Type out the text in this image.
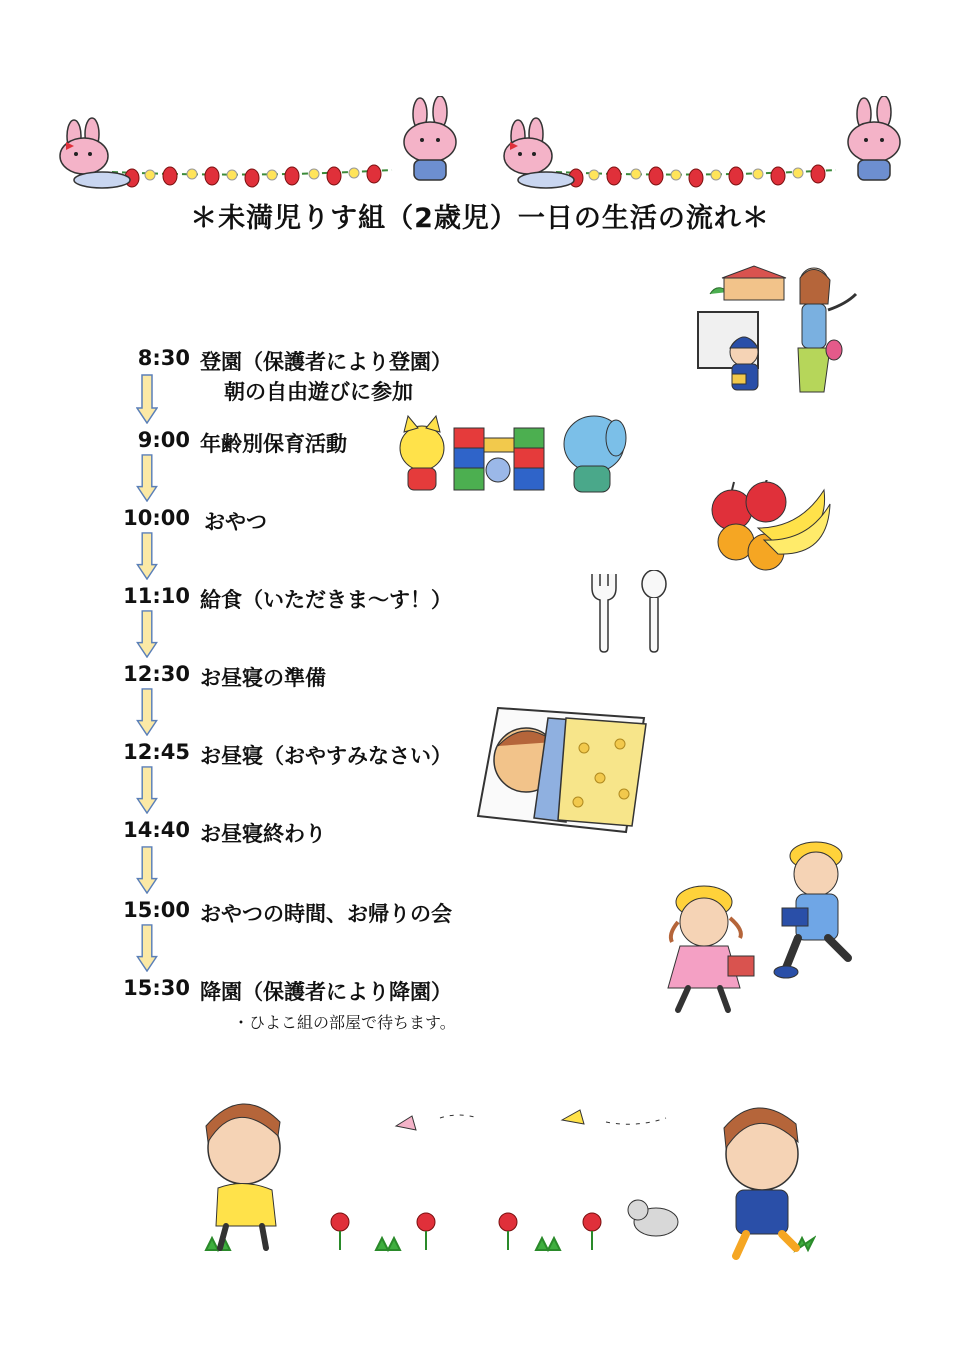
＊未満児りす組（2歳児）一日の生活の流れ＊
8:30 登園（保護者により登園）
朝の自由遊びに参加
9:00 年齢別保育活動
10:00 おやつ
11:10 給食（いただきま～す！）
12:30 お昼寝の準備
12:45 お昼寝（おやすみなさい）
14:40 お昼寝終わり
15:00 おやつの時間、お帰りの会
15:30 降園（保護者により降園）
・ひよこ組の部屋で待ちます。
